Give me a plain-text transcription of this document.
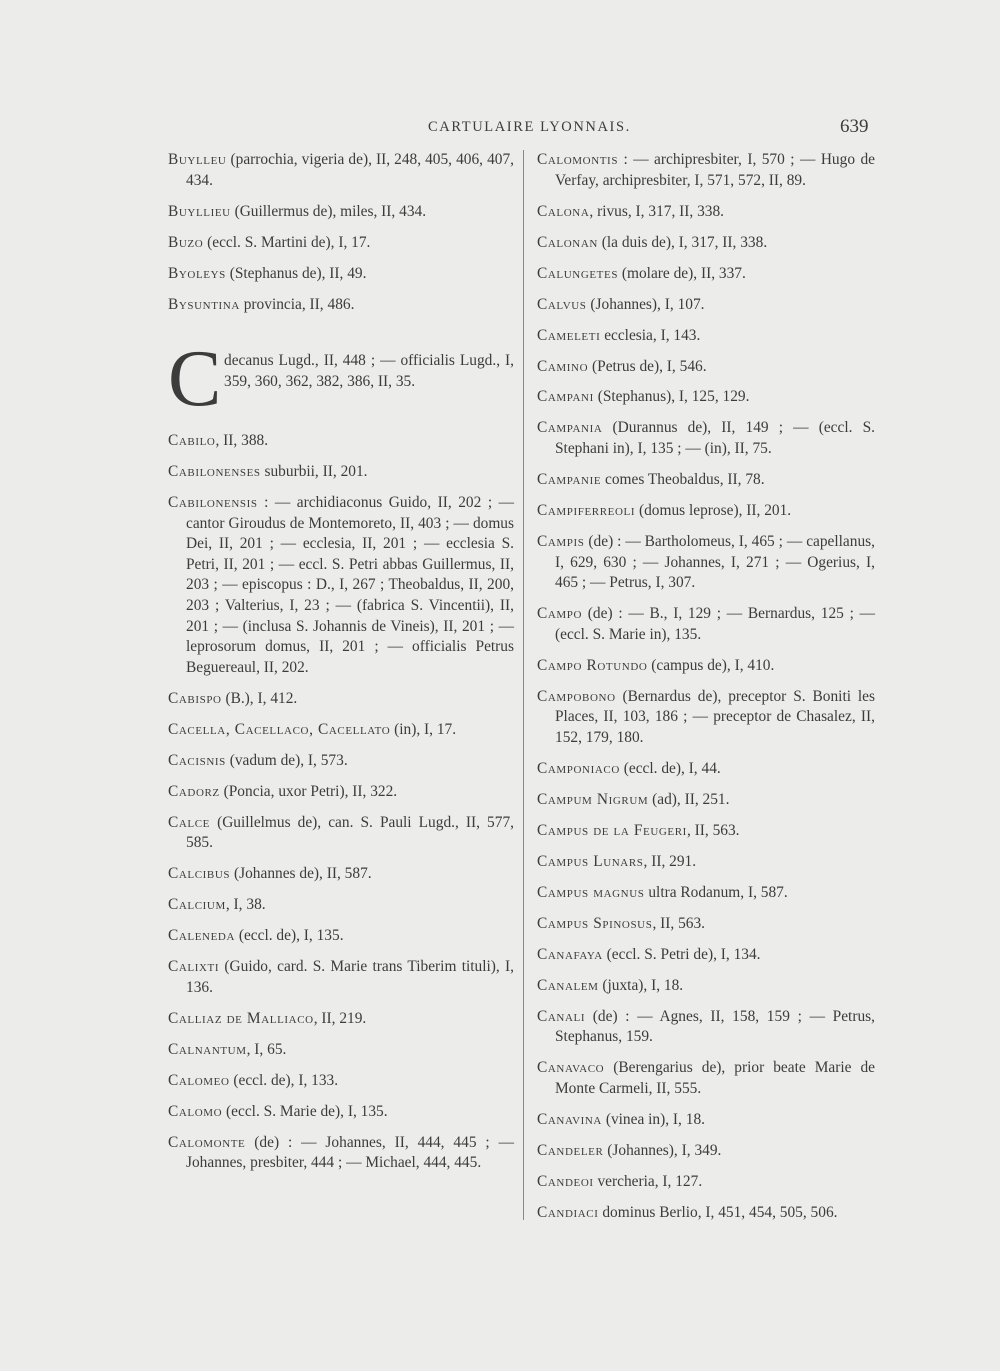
CARTULAIRE LYONNAIS.	639

Buylleu (parrochia, vigeria de), II, 248, 405, 406, 407, 434.

Buyllieu (Guillermus de), miles, II, 434.

Buzo (eccl. S. Martini de), I, 17.

Byoleys (Stephanus de), II, 49.

Bysuntina provincia, II, 486.

C decanus Lugd., II, 448 ; — officialis Lugd., I, 359, 360, 362, 382, 386, II, 35.

Cabilo, II, 388.

Cabilonenses suburbii, II, 201.

Cabilonensis : — archidiaconus Guido, II, 202 ; — cantor Giroudus de Montemoreto, II, 403 ; — domus Dei, II, 201 ; — ecclesia, II, 201 ; — ecclesia S. Petri, II, 201 ; — eccl. S. Petri abbas Guillermus, II, 203 ; — episcopus : D., I, 267 ; Theobaldus, II, 200, 203 ; Valterius, I, 23 ; — (fabrica S. Vincentii), II, 201 ; — (inclusa S. Johannis de Vineis), II, 201 ; — leprosorum domus, II, 201 ; — officialis Petrus Beguereaul, II, 202.

Cabispo (B.), I, 412.

Cacella, Cacellaco, Cacellato (in), I, 17.

Cacisnis (vadum de), I, 573.

Cadorz (Poncia, uxor Petri), II, 322.

Calce (Guillelmus de), can. S. Pauli Lugd., II, 577, 585.

Calcibus (Johannes de), II, 587.

Calcium, I, 38.

Caleneda (eccl. de), I, 135.

Calixti (Guido, card. S. Marie trans Tiberim tituli), I, 136.

Calliaz de Malliaco, II, 219.

Calnantum, I, 65.

Calomeo (eccl. de), I, 133.

Calomo (eccl. S. Marie de), I, 135.

Calomonte (de) : — Johannes, II, 444, 445 ; — Johannes, presbiter, 444 ; — Michael, 444, 445.

Calomontis : — archipresbiter, I, 570 ; — Hugo de Verfay, archipresbiter, I, 571, 572, II, 89.

Calona, rivus, I, 317, II, 338.

Calonan (la duis de), I, 317, II, 338.

Calungetes (molare de), II, 337.

Calvus (Johannes), I, 107.

Cameleti ecclesia, I, 143.

Camino (Petrus de), I, 546.

Campani (Stephanus), I, 125, 129.

Campania (Durannus de), II, 149 ; — (eccl. S. Stephani in), I, 135 ; — (in), II, 75.

Campanie comes Theobaldus, II, 78.

Campiferreoli (domus leprose), II, 201.

Campis (de) : — Bartholomeus, I, 465 ; — capellanus, I, 629, 630 ; — Johannes, I, 271 ; — Ogerius, I, 465 ; — Petrus, I, 307.

Campo (de) : — B., I, 129 ; — Bernardus, 125 ; — (eccl. S. Marie in), 135.

Campo Rotundo (campus de), I, 410.

Campobono (Bernardus de), preceptor S. Boniti les Places, II, 103, 186 ; — preceptor de Chasalez, II, 152, 179, 180.

Camponiaco (eccl. de), I, 44.

Campum Nigrum (ad), II, 251.

Campus de la Feugeri, II, 563.

Campus Lunars, II, 291.

Campus magnus ultra Rodanum, I, 587.

Campus Spinosus, II, 563.

Canafaya (eccl. S. Petri de), I, 134.

Canalem (juxta), I, 18.

Canali (de) : — Agnes, II, 158, 159 ; — Petrus, Stephanus, 159.

Canavaco (Berengarius de), prior beate Marie de Monte Carmeli, II, 555.

Canavina (vinea in), I, 18.

Candeler (Johannes), I, 349.

Candeoi vercheria, I, 127.

Candiaci dominus Berlio, I, 451, 454, 505, 506.
